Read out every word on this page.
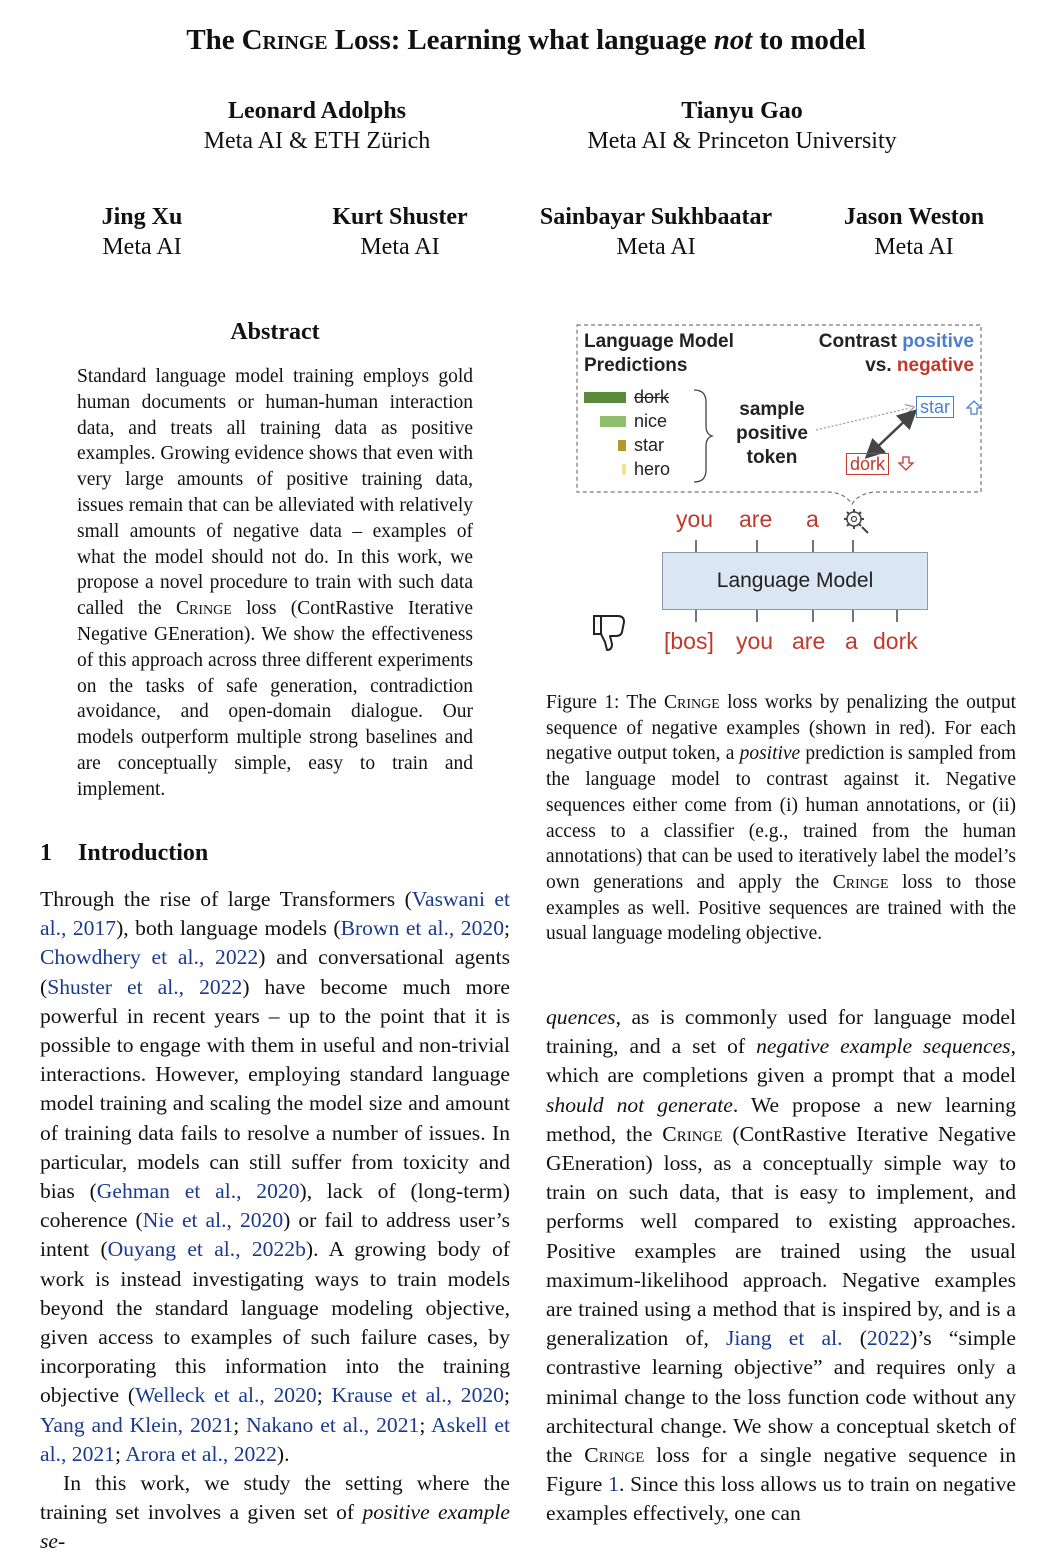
The Cringe Loss: Learning what language not to model
Leonard Adolphs
Meta AI & ETH Zürich
Tianyu Gao
Meta AI & Princeton University
Jing Xu
Meta AI
Kurt Shuster
Meta AI
Sainbayar Sukhbaatar
Meta AI
Jason Weston
Meta AI
Abstract
Standard language model training employs gold human documents or human-human interaction data, and treats all training data as positive examples. Growing evidence shows that even with very large amounts of positive training data, issues remain that can be alleviated with relatively small amounts of negative data – examples of what the model should not do. In this work, we propose a novel procedure to train with such data called the Cringe loss (ContRastive Iterative Negative GEneration). We show the effectiveness of this approach across three different experiments on the tasks of safe generation, contradiction avoidance, and open-domain dialogue. Our models outperform multiple strong baselines and are conceptually simple, easy to train and implement.
1 Introduction

Through the rise of large Transformers (Vaswani et al., 2017), both language models (Brown et al., 2020; Chowdhery et al., 2022) and conversational agents (Shuster et al., 2022) have become much more powerful in recent years – up to the point that it is possible to engage with them in useful and non-trivial interactions. However, employing standard language model training and scaling the model size and amount of training data fails to resolve a number of issues. In particular, models can still suffer from toxicity and bias (Gehman et al., 2020), lack of (long-term) coherence (Nie et al., 2020) or fail to address user’s intent (Ouyang et al., 2022b). A growing body of work is instead investigating ways to train models beyond the standard language modeling objective, given access to examples of such failure cases, by incorporating this information into the training objective (Welleck et al., 2020; Krause et al., 2020; Yang and Klein, 2021; Nakano et al., 2021; Askell et al., 2021; Arora et al., 2022).

In this work, we study the setting where the training set involves a given set of positive example se-

Language Model
Predictions
Contrast positive
vs. negative
dork
nice
star
hero
sample
positive
token
star
dork
you are a
Language Model
[bos] you are a dork
Figure 1: The Cringe loss works by penalizing the output sequence of negative examples (shown in red). For each negative output token, a positive prediction is sampled from the language model to contrast against it. Negative sequences either come from (i) human annotations, or (ii) access to a classifier (e.g., trained from the human annotations) that can be used to iteratively label the model’s own generations and apply the Cringe loss to those examples as well. Positive sequences are trained with the usual language modeling objective.

quences, as is commonly used for language model training, and a set of negative example sequences, which are completions given a prompt that a model should not generate. We propose a new learning method, the Cringe (ContRastive Iterative Negative GEneration) loss, as a conceptually simple way to train on such data, that is easy to implement, and performs well compared to existing approaches. Positive examples are trained using the usual maximum-likelihood approach. Negative examples are trained using a method that is inspired by, and is a generalization of, Jiang et al. (2022)’s “simple contrastive learning objective” and requires only a minimal change to the loss function code without any architectural change. We show a conceptual sketch of the Cringe loss for a single negative sequence in Figure 1. Since this loss allows us to train on negative examples effectively, one can
